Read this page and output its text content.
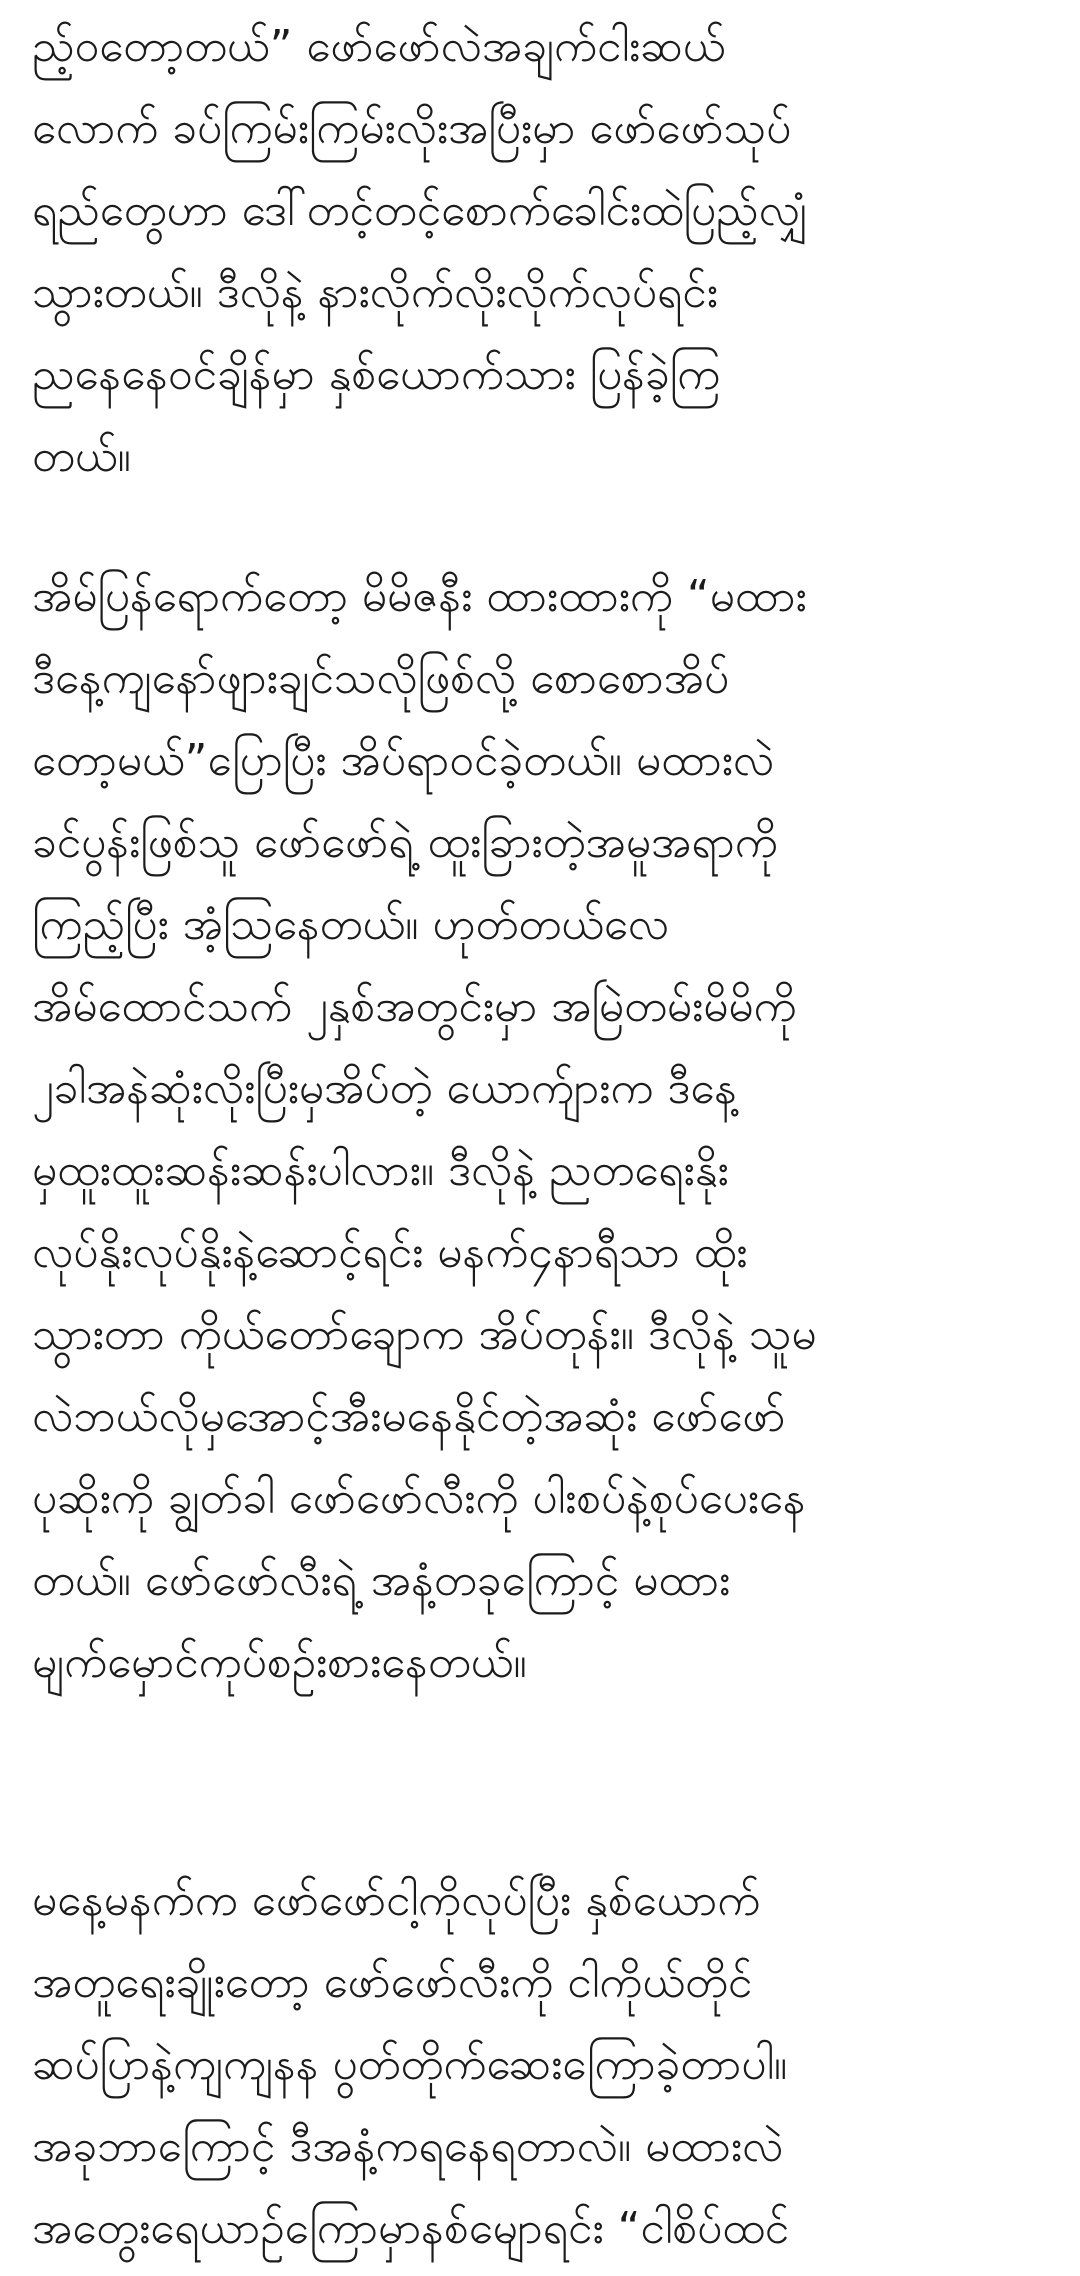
ည့်ဝတော့တယ်” ဖော်ဖော်လဲအချက်ငါးဆယ်
လောက် ခပ်ကြမ်းကြမ်းလိုးအပြီးမှာ ဖော်ဖော်သုပ်
ရည်တွေဟာ ဒေါ်တင့်တင့်စောက်ခေါင်းထဲပြည့်လျှံ
သွားတယ်။ ဒီလိုနဲ့ နားလိုက်လိုးလိုက်လုပ်ရင်း
ညနေနေဝင်ချိန်မှာ နှစ်ယောက်သား ပြန်ခဲ့ကြ
တယ်။

အိမ်ပြန်ရောက်တော့ မိမိဇနီး ထားထားကို “မထား
ဒီနေ့ကျနော်ဖျားချင်သလိုဖြစ်လို့ စောစောအိပ်
တော့မယ်”ပြောပြီး အိပ်ရာဝင်ခဲ့တယ်။ မထားလဲ
ခင်ပွန်းဖြစ်သူ ဖော်ဖော်ရဲ့ ထူးခြားတဲ့အမူအရာကို
ကြည့်ပြီး အံ့သြနေတယ်။ ဟုတ်တယ်လေ
အိမ်ထောင်သက် ၂နှစ်အတွင်းမှာ အမြဲတမ်းမိမိကို
၂ခါအနဲဆုံးလိုးပြီးမှအိပ်တဲ့ ယောက်ျားက ဒီနေ့
မှထူးထူးဆန်းဆန်းပါလား။ ဒီလိုနဲ့ ညတရေးနိုး
လုပ်နိုးလုပ်နိုးနဲ့ဆောင့်ရင်း မနက်၄နာရီသာ ထိုး
သွားတာ ကိုယ်တော်ချောက အိပ်တုန်း။ ဒီလိုနဲ့ သူမ
လဲဘယ်လိုမှအောင့်အီးမနေနိုင်တဲ့အဆုံး ဖော်ဖော်
ပုဆိုးကို ချွတ်ခါ ဖော်ဖော်လီးကို ပါးစပ်နဲ့စုပ်ပေးနေ
တယ်။ ဖော်ဖော်လီးရဲ့ အနံ့တခုကြောင့် မထား
မျက်မှောင်ကုပ်စဉ်းစားနေတယ်။

မနေ့မနက်က ဖော်ဖော်ငါ့ကိုလုပ်ပြီး နှစ်ယောက်
အတူရေးချိုးတော့ ဖော်ဖော်လီးကို ငါကိုယ်တိုင်
ဆပ်ပြာနဲ့ကျကျနန ပွတ်တိုက်ဆေးကြောခဲ့တာပါ။
အခုဘာကြောင့် ဒီအနံ့ကရနေရတာလဲ။ မထားလဲ
အတွေးရေယာဉ်ကြောမှာနစ်မျောရင်း “ငါစိပ်ထင်
